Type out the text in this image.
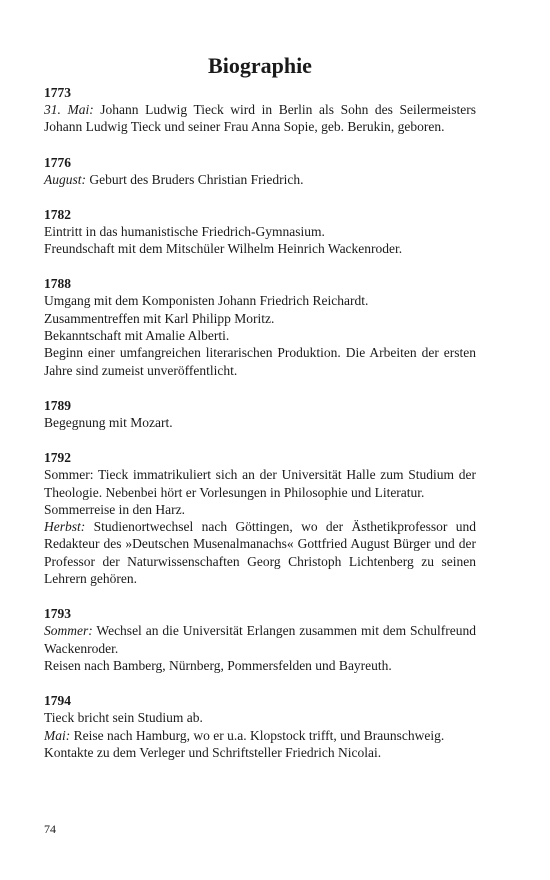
Biographie
1773
31. Mai: Johann Ludwig Tieck wird in Berlin als Sohn des Seilermeisters Johann Ludwig Tieck und seiner Frau Anna Sopie, geb. Berukin, geboren.
1776
August: Geburt des Bruders Christian Friedrich.
1782
Eintritt in das humanistische Friedrich-Gymnasium.
Freundschaft mit dem Mitschüler Wilhelm Heinrich Wackenroder.
1788
Umgang mit dem Komponisten Johann Friedrich Reichardt.
Zusammentreffen mit Karl Philipp Moritz.
Bekanntschaft mit Amalie Alberti.
Beginn einer umfangreichen literarischen Produktion. Die Arbeiten der ersten Jahre sind zumeist unveröffentlicht.
1789
Begegnung mit Mozart.
1792
Sommer: Tieck immatrikuliert sich an der Universität Halle zum Studium der Theologie. Nebenbei hört er Vorlesungen in Philosophie und Literatur.
Sommerreise in den Harz.
Herbst: Studienortwechsel nach Göttingen, wo der Ästhetikprofessor und Redakteur des »Deutschen Musenalmanachs« Gottfried August Bürger und der Professor der Naturwissenschaften Georg Christoph Lichtenberg zu seinen Lehrern gehören.
1793
Sommer: Wechsel an die Universität Erlangen zusammen mit dem Schulfreund Wackenroder.
Reisen nach Bamberg, Nürnberg, Pommersfelden und Bayreuth.
1794
Tieck bricht sein Studium ab.
Mai: Reise nach Hamburg, wo er u.a. Klopstock trifft, und Braunschweig.
Kontakte zu dem Verleger und Schriftsteller Friedrich Nicolai.
74
